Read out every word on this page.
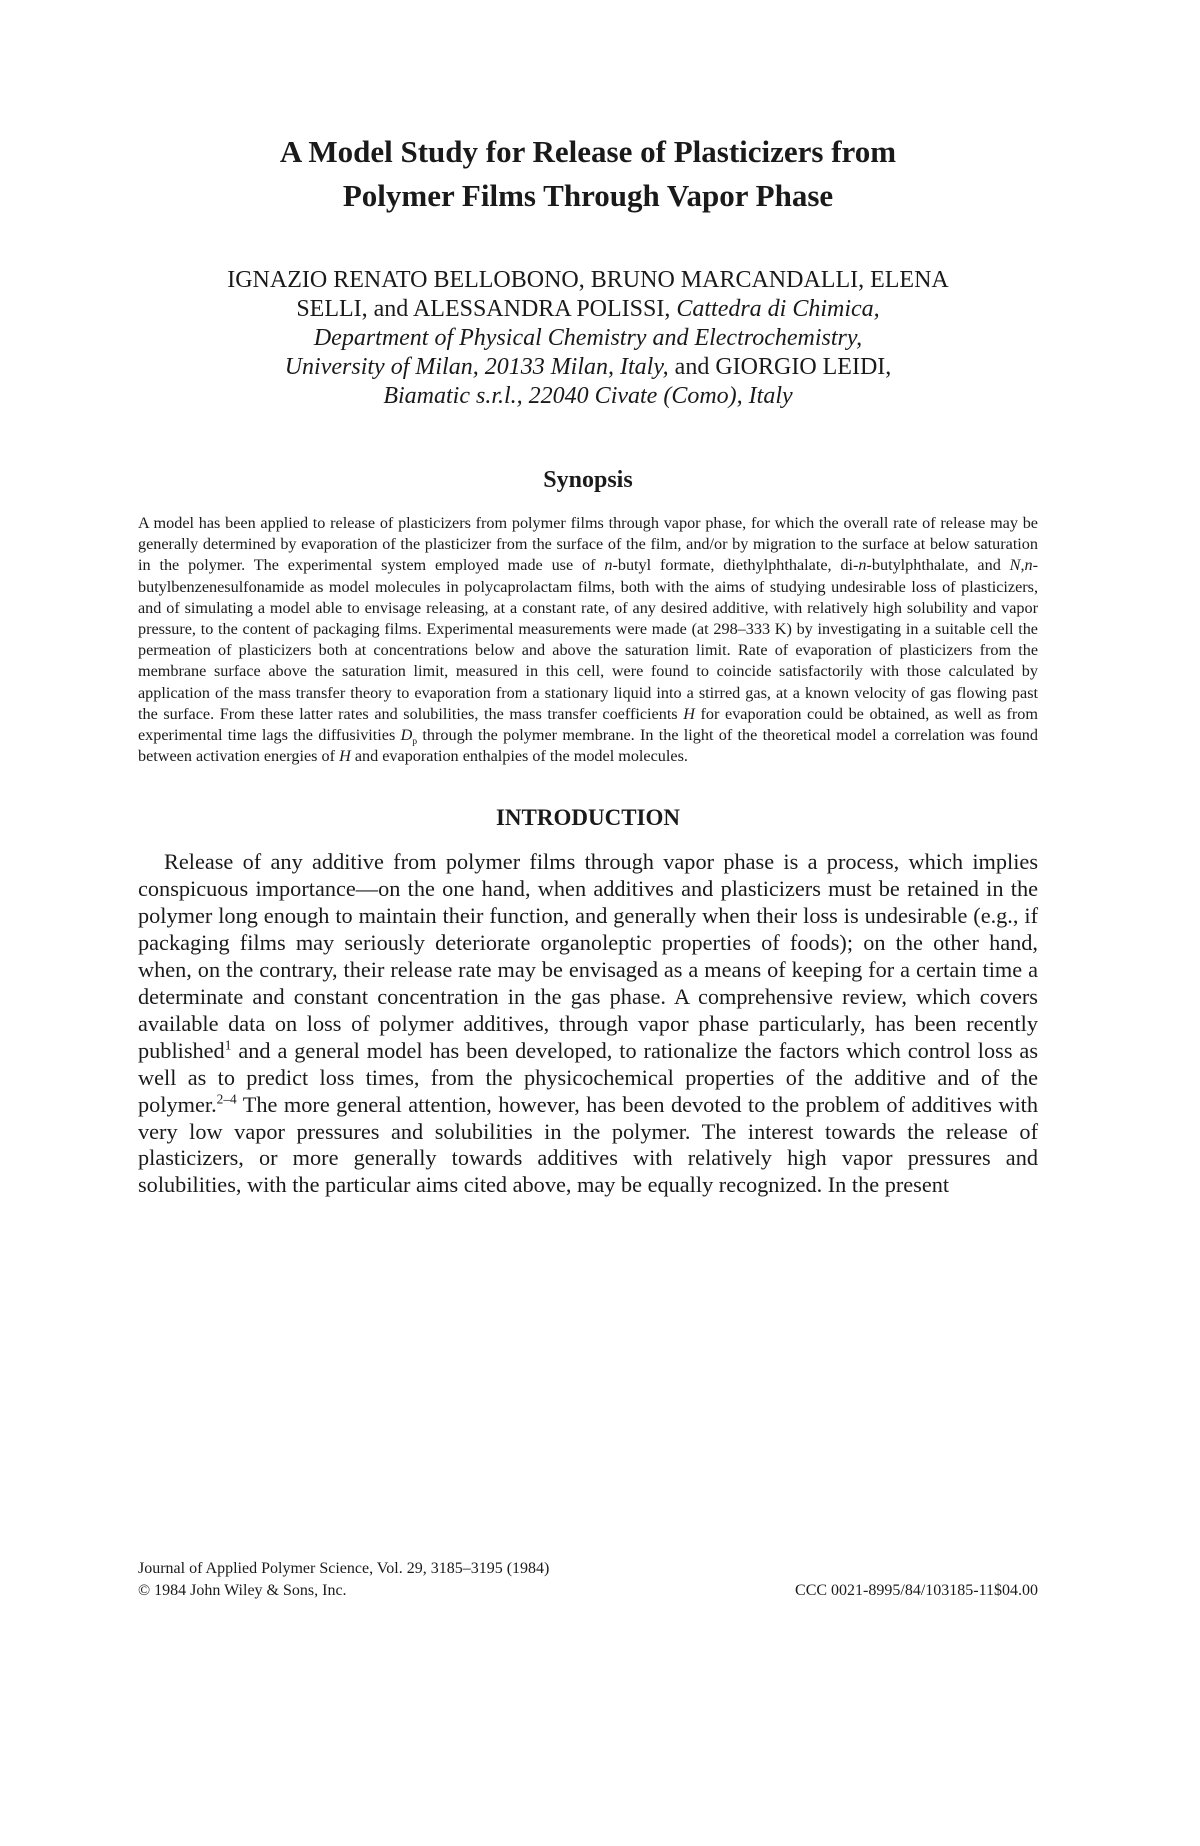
A Model Study for Release of Plasticizers from
Polymer Films Through Vapor Phase
IGNAZIO RENATO BELLOBONO, BRUNO MARCANDALLI, ELENA
SELLI, and ALESSANDRA POLISSI, Cattedra di Chimica,
Department of Physical Chemistry and Electrochemistry,
University of Milan, 20133 Milan, Italy, and GIORGIO LEIDI,
Biamatic s.r.l., 22040 Civate (Como), Italy
Synopsis

A model has been applied to release of plasticizers from polymer films through vapor phase, for which the overall rate of release may be generally determined by evaporation of the plasticizer from the surface of the film, and/or by migration to the surface at below saturation in the polymer. The experimental system employed made use of n-butyl formate, diethylphthalate, di-n-butylphthalate, and N,n-butylbenzenesulfonamide as model molecules in polycaprolactam films, both with the aims of studying undesirable loss of plasticizers, and of simulating a model able to envisage releasing, at a constant rate, of any desired additive, with relatively high solubility and vapor pressure, to the content of packaging films. Experimental measurements were made (at 298–333 K) by investigating in a suitable cell the permeation of plasticizers both at concentrations below and above the saturation limit. Rate of evaporation of plasticizers from the membrane surface above the saturation limit, measured in this cell, were found to coincide satisfactorily with those calculated by application of the mass transfer theory to evaporation from a stationary liquid into a stirred gas, at a known velocity of gas flowing past the surface. From these latter rates and solubilities, the mass transfer coefficients H for evaporation could be obtained, as well as from experimental time lags the diffusivities $D_p$ through the polymer membrane. In the light of the theoretical model a correlation was found between activation energies of H and evaporation enthalpies of the model molecules.

INTRODUCTION

Release of any additive from polymer films through vapor phase is a process, which implies conspicuous importance—on the one hand, when additives and plasticizers must be retained in the polymer long enough to maintain their function, and generally when their loss is undesirable (e.g., if packaging films may seriously deteriorate organoleptic properties of foods); on the other hand, when, on the contrary, their release rate may be envisaged as a means of keeping for a certain time a determinate and constant concentration in the gas phase. A comprehensive review, which covers available data on loss of polymer additives, through vapor phase particularly, has been recently published$^1$ and a general model has been developed, to rationalize the factors which control loss as well as to predict loss times, from the physicochemical properties of the additive and of the polymer.$^{2-4}$ The more general attention, however, has been devoted to the problem of additives with very low vapor pressures and solubilities in the polymer. The interest towards the release of plasticizers, or more generally towards additives with relatively high vapor pressures and solubilities, with the particular aims cited above, may be equally recognized. In the present

Journal of Applied Polymer Science, Vol. 29, 3185–3195 (1984)
© 1984 John Wiley & Sons, Inc.	CCC 0021-8995/84/103185-11$04.00
